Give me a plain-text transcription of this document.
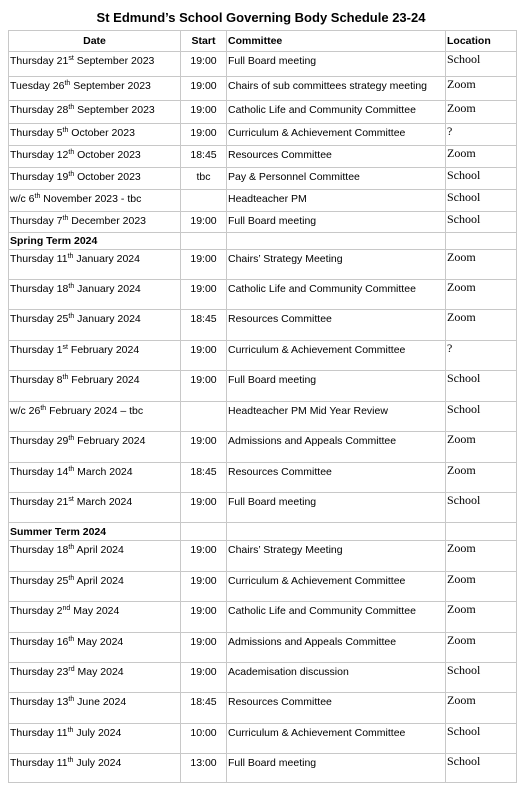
St Edmund’s School Governing Body Schedule 23-24
Date	Start	Committee	Location

Thursday 21st September 2023	19:00	Full Board meeting	School

Tuesday 26th September 2023	19:00	Chairs of sub committees strategy meeting	Zoom

Thursday 28th September 2023	19:00	Catholic Life and Community Committee	Zoom

Thursday 5th October 2023	19:00	Curriculum & Achievement Committee	?

Thursday 12th October 2023	18:45	Resources Committee	Zoom

Thursday 19th October 2023	tbc	Pay & Personnel Committee	School

w/c 6th November 2023 - tbc		Headteacher PM	School

Thursday 7th December 2023	19:00	Full Board meeting	School
Spring Term 2024			

Thursday 11th January 2024	19:00	Chairs’ Strategy Meeting	Zoom

Thursday 18th January 2024	19:00	Catholic Life and Community Committee	Zoom

Thursday 25th January 2024	18:45	Resources Committee	Zoom

Thursday 1st February 2024	19:00	Curriculum & Achievement Committee	?

Thursday 8th February 2024	19:00	Full Board meeting	School

w/c 26th February 2024 – tbc		Headteacher PM Mid Year Review	School

Thursday 29th February 2024	19:00	Admissions and Appeals Committee	Zoom

Thursday 14th March 2024	18:45	Resources Committee	Zoom

Thursday 21st March 2024	19:00	Full Board meeting	School
Summer Term 2024			

Thursday 18th April 2024	19:00	Chairs’ Strategy Meeting	Zoom

Thursday 25th April 2024	19:00	Curriculum & Achievement Committee	Zoom

Thursday 2nd May 2024	19:00	Catholic Life and Community Committee	Zoom

Thursday 16th May 2024	19:00	Admissions and Appeals Committee	Zoom

Thursday 23rd May 2024	19:00	Academisation discussion	School

Thursday 13th June 2024	18:45	Resources Committee	Zoom

Thursday 11th July 2024	10:00	Curriculum & Achievement Committee	School

Thursday 11th July 2024	13:00	Full Board meeting	School
